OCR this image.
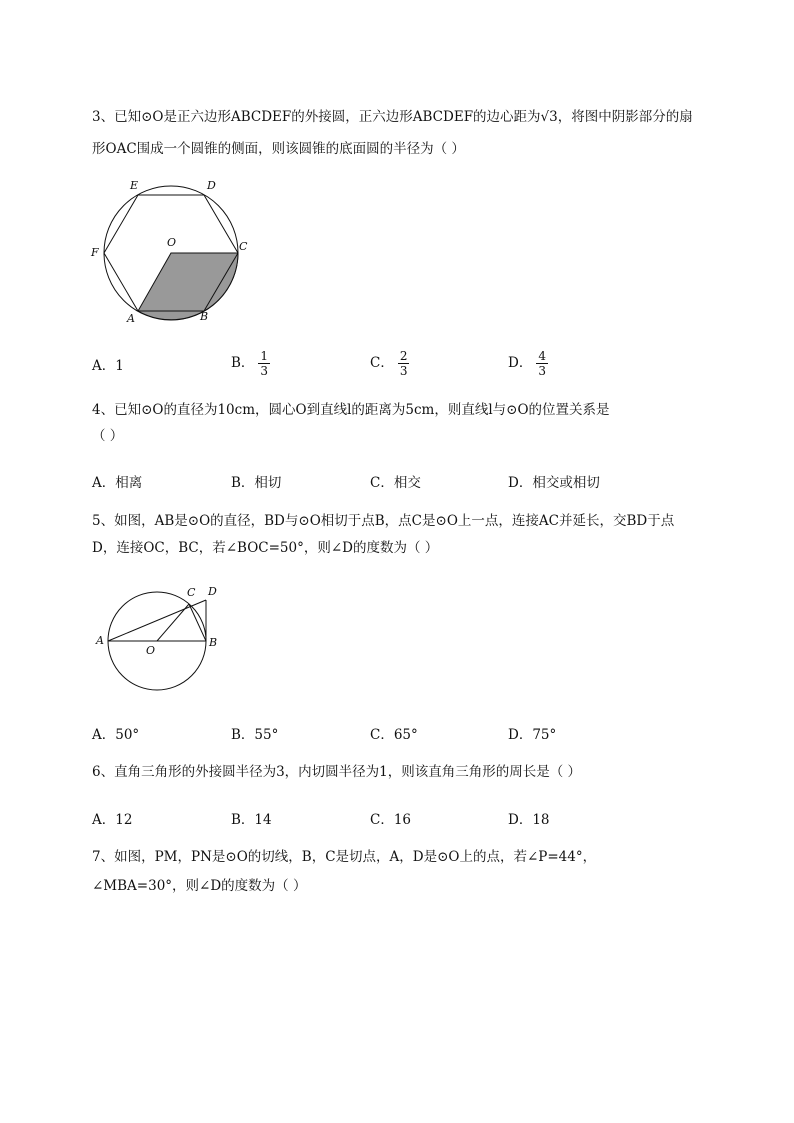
3、已知⊙O是正六边形ABCDEF的外接圆，正六边形ABCDEF的边心距为√3，将图中阴影部分的扇

形OAC围成一个圆锥的侧面，则该圆锥的底面圆的半径为（ ）

E	D
F
O	C
A	B
A．1	B． $\frac{1}{3}$	C． $\frac{2}{3}$	D． $\frac{4}{3}$

4、已知⊙O的直径为10cm，圆心O到直线l的距离为5cm，则直线l与⊙O的位置关系是

（ ）

A．相离	B．相切	C．相交	D．相交或相切

5、如图，AB是⊙O的直径，BD与⊙O相切于点B，点C是⊙O上一点，连接AC并延长，交BD于点

D，连接OC，BC，若∠BOC=50°，则∠D的度数为（ ）

C D
A
O
B
A．50°	B．55°	C．65°	D．75°

6、直角三角形的外接圆半径为3，内切圆半径为1，则该直角三角形的周长是（ ）

A．12	B．14	C．16	D．18

7、如图，PM，PN是⊙O的切线，B，C是切点，A，D是⊙O上的点，若∠P=44°，

∠MBA=30°，则∠D的度数为（ ）
